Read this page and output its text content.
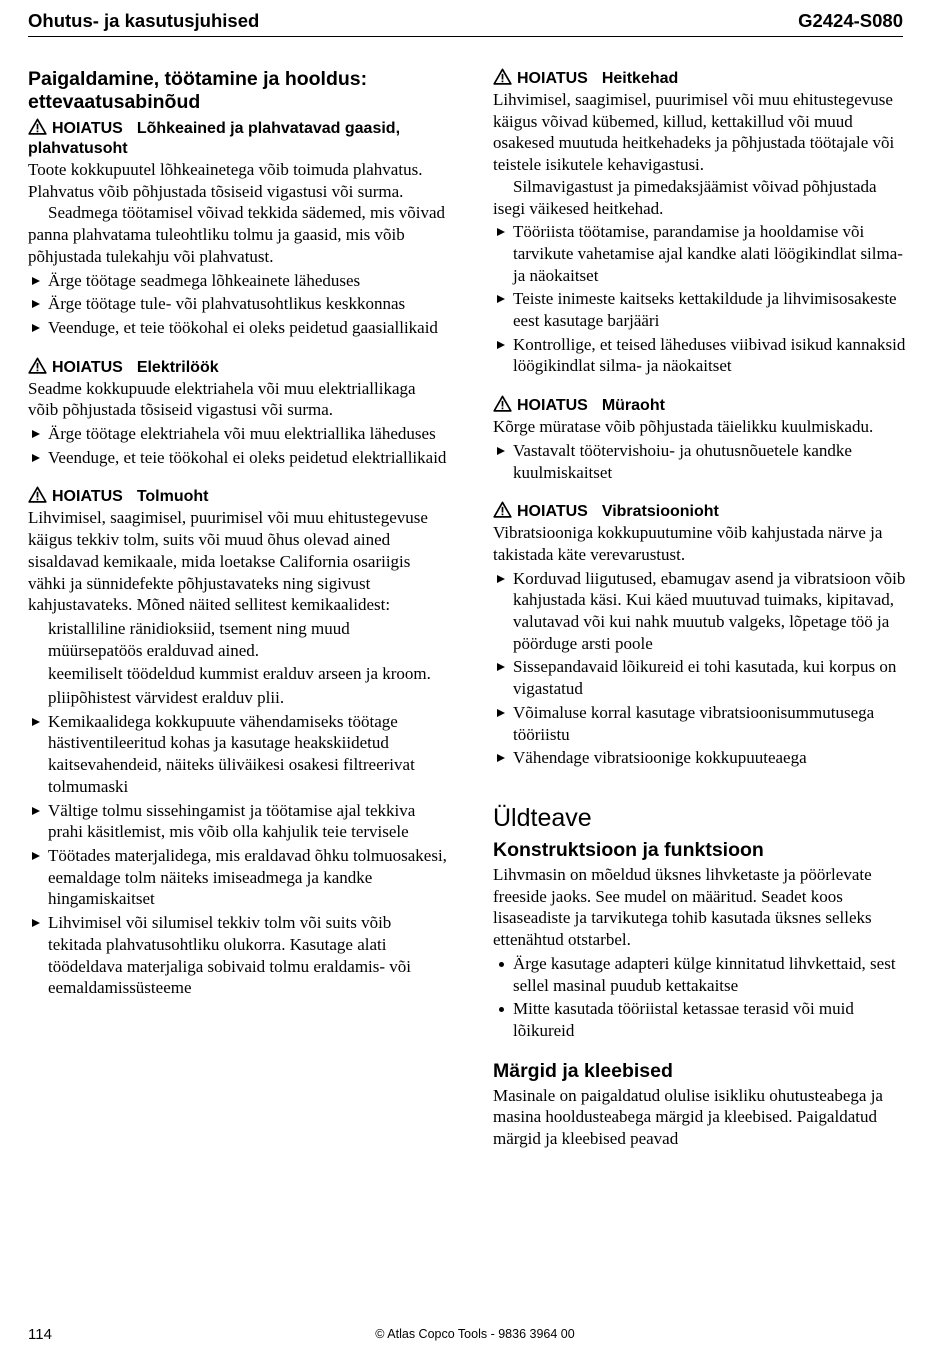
Ohutus- ja kasutusjuhised	G2424-S080
Paigaldamine, töötamine ja hooldus: ettevaatusabinõud
HOIATUS Lõhkeained ja plahvatavad gaasid, plahvatusoht

Toote kokkupuutel lõhkeainetega võib toimuda plahvatus. Plahvatus võib põhjustada tõsiseid vigastusi või surma.

Seadmega töötamisel võivad tekkida sädemed, mis võivad panna plahvatama tuleohtliku tolmu ja gaasid, mis võib põhjustada tulekahju või plahvatust.

Ärge töötage seadmega lõhkeainete läheduses
Ärge töötage tule- või plahvatusohtlikus keskkonnas
Veenduge, et teie töökohal ei oleks peidetud gaasiallikaid
HOIATUS Elektrilöök

Seadme kokkupuude elektriahela või muu elektriallikaga võib põhjustada tõsiseid vigastusi või surma.

Ärge töötage elektriahela või muu elektriallika läheduses
Veenduge, et teie töökohal ei oleks peidetud elektriallikaid
HOIATUS Tolmuoht

Lihvimisel, saagimisel, puurimisel või muu ehitustegevuse käigus tekkiv tolm, suits või muud õhus olevad ained sisaldavad kemikaale, mida loetakse California osariigis vähki ja sünnidefekte põhjustavateks ning sigivust kahjustavateks. Mõned näited sellitest kemikaalidest:

kristalliline ränidioksiid, tsement ning muud müürsepatöös eralduvad ained.

keemiliselt töödeldud kummist eralduv arseen ja kroom.

pliipõhistest värvidest eralduv plii.

Kemikaalidega kokkupuute vähendamiseks töötage hästiventileeritud kohas ja kasutage heakskiidetud kaitsevahendeid, näiteks üliväikesi osakesi filtreerivat tolmumaski
Vältige tolmu sissehingamist ja töötamise ajal tekkiva prahi käsitlemist, mis võib olla kahjulik teie tervisele
Töötades materjalidega, mis eraldavad õhku tolmuosakesi, eemaldage tolm näiteks imiseadmega ja kandke hingamiskaitset
Lihvimisel või silumisel tekkiv tolm või suits võib tekitada plahvatusohtliku olukorra. Kasutage alati töödeldava materjaliga sobivaid tolmu eraldamis- või eemaldamissüsteeme
HOIATUS Heitkehad

Lihvimisel, saagimisel, puurimisel või muu ehitustegevuse käigus võivad kübemed, killud, kettakillud või muud osakesed muutuda heitkehadeks ja põhjustada töötajale või teistele isikutele kehavigastusi.

Silmavigastust ja pimedaksjäämist võivad põhjustada isegi väikesed heitkehad.

Tööriista töötamise, parandamise ja hooldamise või tarvikute vahetamise ajal kandke alati löögikindlat silma- ja näokaitset
Teiste inimeste kaitseks kettakildude ja lihvimisosakeste eest kasutage barjääri
Kontrollige, et teised läheduses viibivad isikud kannaksid löögikindlat silma- ja näokaitset
HOIATUS Müraoht

Kõrge müratase võib põhjustada täielikku kuulmiskadu.

Vastavalt töötervishoiu- ja ohutusnõuetele kandke kuulmiskaitset
HOIATUS Vibratsioonioht

Vibratsiooniga kokkupuutumine võib kahjustada närve ja takistada käte verevarustust.

Korduvad liigutused, ebamugav asend ja vibratsioon võib kahjustada käsi. Kui käed muutuvad tuimaks, kipitavad, valutavad või kui nahk muutub valgeks, lõpetage töö ja pöörduge arsti poole
Sissepandavaid lõikureid ei tohi kasutada, kui korpus on vigastatud
Võimaluse korral kasutage vibratsioonisummutusega tööriistu
Vähendage vibratsioonige kokkupuuteaega
Üldteave
Konstruktsioon ja funktsioon

Lihvmasin on mõeldud üksnes lihvketaste ja pöörlevate freeside jaoks. See mudel on määritud. Seadet koos lisaseadiste ja tarvikutega tohib kasutada üksnes selleks ettenähtud otstarbel.

Ärge kasutage adapteri külge kinnitatud lihvkettaid, sest sellel masinal puudub kettakaitse
Mitte kasutada tööriistal ketassae terasid või muid lõikureid
Märgid ja kleebised

Masinale on paigaldatud olulise isikliku ohutusteabega ja masina hooldusteabega märgid ja kleebised. Paigaldatud märgid ja kleebised peavad

114	© Atlas Copco Tools - 9836 3964 00
